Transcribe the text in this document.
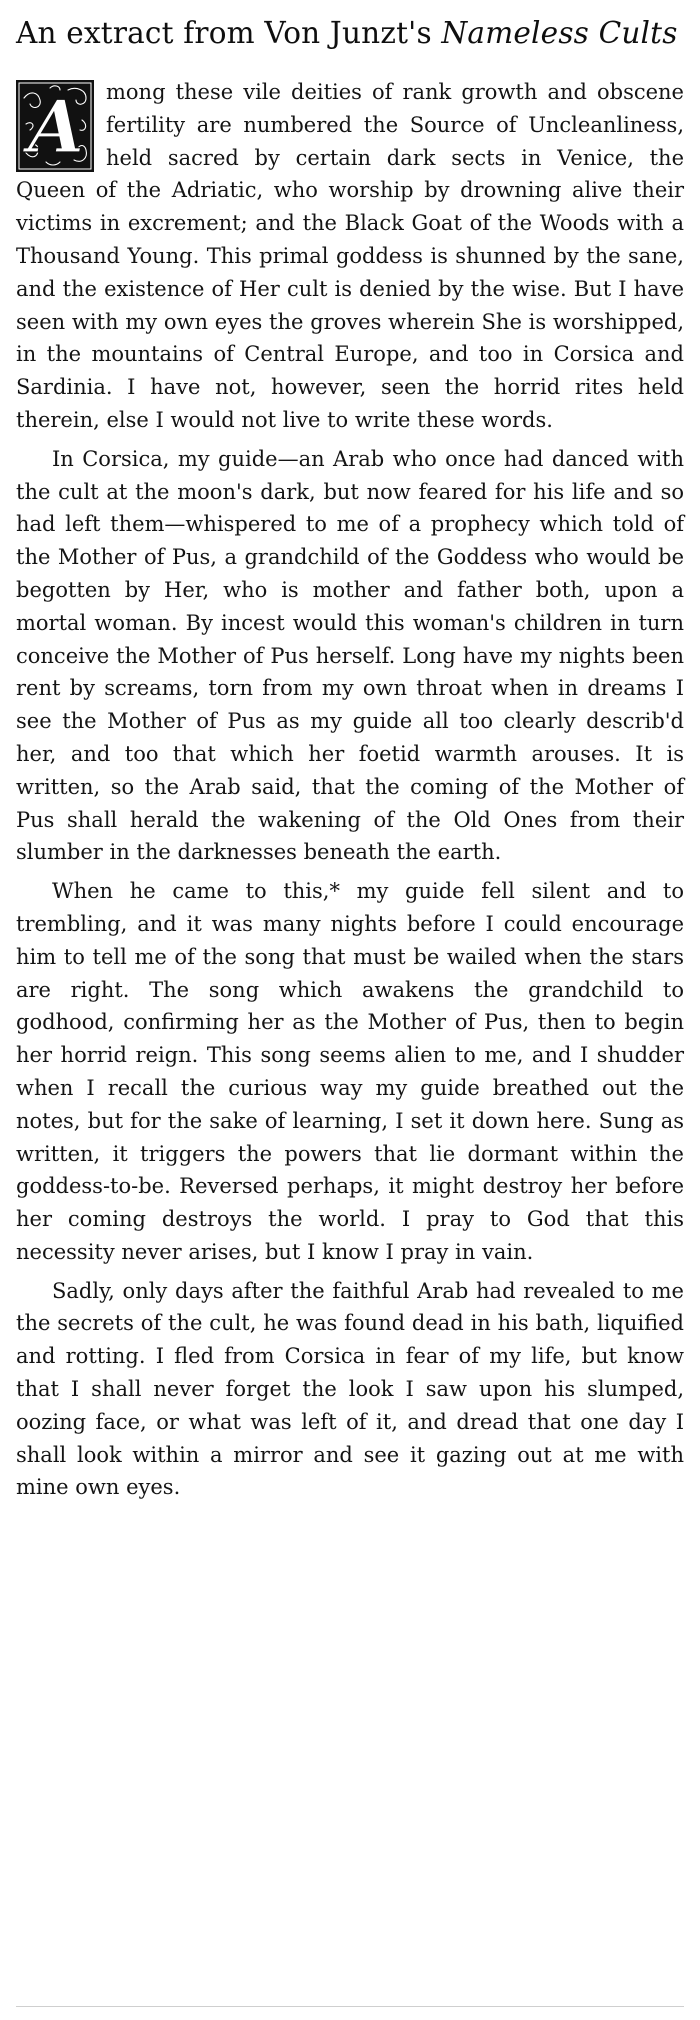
An extract from Von Junzt's Nameless Cults

A mong these vile deities of rank growth and obscene fertility are numbered the Source of Uncleanliness, held sacred by certain dark sects in Venice, the Queen of the Adriatic, who worship by drowning alive their victims in excrement; and the Black Goat of the Woods with a Thousand Young. This primal goddess is shunned by the sane, and the existence of Her cult is denied by the wise. But I have seen with my own eyes the groves wherein She is worshipped, in the mountains of Central Europe, and too in Corsica and Sardinia. I have not, however, seen the horrid rites held therein, else I would not live to write these words.

In Corsica, my guide—an Arab who once had danced with the cult at the moon's dark, but now feared for his life and so had left them—whispered to me of a prophecy which told of the Mother of Pus, a grandchild of the Goddess who would be begotten by Her, who is mother and father both, upon a mortal woman. By incest would this woman's children in turn conceive the Mother of Pus herself. Long have my nights been rent by screams, torn from my own throat when in dreams I see the Mother of Pus as my guide all too clearly describ'd her, and too that which her foetid warmth arouses. It is written, so the Arab said, that the coming of the Mother of Pus shall herald the wakening of the Old Ones from their slumber in the darknesses beneath the earth.

When he came to this,* my guide fell silent and to trembling, and it was many nights before I could encourage him to tell me of the song that must be wailed when the stars are right. The song which awakens the grandchild to godhood, confirming her as the Mother of Pus, then to begin her horrid reign. This song seems alien to me, and I shudder when I recall the curious way my guide breathed out the notes, but for the sake of learning, I set it down here. Sung as written, it triggers the powers that lie dormant within the goddess-to-be. Reversed perhaps, it might destroy her before her coming destroys the world. I pray to God that this necessity never arises, but I know I pray in vain.

Sadly, only days after the faithful Arab had revealed to me the secrets of the cult, he was found dead in his bath, liquified and rotting. I fled from Corsica in fear of my life, but know that I shall never forget the look I saw upon his slumped, oozing face, or what was left of it, and dread that one day I shall look within a mirror and see it gazing out at me with mine own eyes.
